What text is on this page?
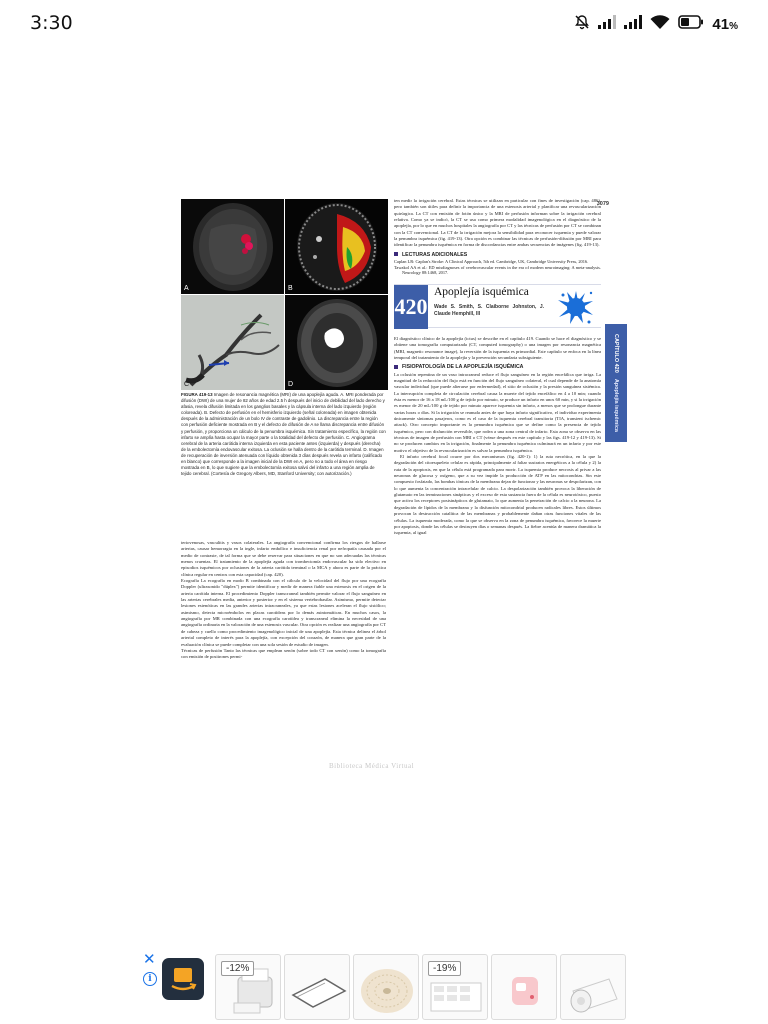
3:30	41%
A	B
C	D
FIGURA 419-13 Imagen de resonancia magnética (MRI) de una apoplejía aguda. A. MRI ponderada por difusión (DWI) de una mujer de 82 años de edad 2.5 h después del inicio de debilidad del lado derecho y afasia, revela difusión limitada en los ganglios basales y la cápsula interna del lado izquierdo (región coloreada). B. Defecto de perfusión en el hemisferio izquierdo (señal coloreada) en imagen obtenida después de la administración de un bolo IV de contraste de gadolinio. La discrepancia entre la región con perfusión deficiente mostrada en B y el defecto de difusión de A se llama discrepancia entre difusión y perfusión, y proporciona un cálculo de la penumbra isquémica. Sin tratamiento específico, la región con infarto se amplía hasta ocupar la mayor parte o la totalidad del defecto de perfusión. C. Angiograma cerebral de la arteria carótida interna izquierda en esta paciente antes (izquierda) y después (derecha) de la embolectomía endovascular exitosa. La oclusión se halla dentro de la carótida terminal. D. Imagen de recuperación de inversión atenuada con líquido obtenida 3 días después revela un infarto (calificado en blanco) que corresponde a la imagen inicial de la DWI en A, pero no a todo el área en riesgo mostrada en B, lo que sugiere que la embolectomía exitosa salvó del infarto a una región amplia de tejido cerebral. (Cortesía de Gregory Albers, MD, Stanford University; con autorización.)

teriovenosas, vasculitis y vasos colaterales. La angiografía convencional confirma los riesgos de hallarse arterias, causar hemorragia en la ingle, infarto embólico e insuficiencia renal por nefropatía causada por el medio de contraste, de tal forma que se debe reservar para situaciones en que no son adecuadas las técnicas menos cruentas. El tratamiento de la apoplejía aguda con trombectomía endovascular ha sido electivo en episodios isquémicos por oclusiones de la arteria carótida terminal o la MCA y ahora es parte de la práctica clínica regular en centros con esta capacidad (cap. 420).

Ecografía La ecografía en modo B combinada con el cálculo de la velocidad del flujo por una ecografía Doppler (ultrasonido "dúplex") permite identificar y medir de manera fiable una estenosis en el origen de la arteria carótida interna. El procedimiento Doppler transcraneal también permite valorar el flujo sanguíneo en las arterias cerebrales media, anterior y posterior y en el sistema vertebrobasilar. Asimismo, permite detectar lesiones estenóticas en las grandes arterias intracraneales, ya que estas lesiones aceleran el flujo sistólico; asimismo, detecta microémbolos en placas carotídeas por lo demás asintomáticas. En muchos casos, la angiografía por MR combinada con una ecografía carotídea y transcraneal elimina la necesidad de una angiografía ordinaria en la valoración de una estenosis vascular. Otra opción es realizar una angiografía por CT de cabeza y cuello como procedimiento imagenológico inicial de una apoplejía. Esta técnica delinea el árbol arterial completo de interés para la apoplejía, con excepción del corazón, de manera que gran parte de la evaluación clínica se puede completar con una sola sesión de estudio de imagen.

Técnicas de perfusión Tanto las técnicas que emplean xenón (sobre todo CT con xenón) como la tomografía con emisión de positrones permi-

3079

ten medir la irrigación cerebral. Estas técnicas se utilizan en particular con fines de investigación (cap. 486), pero también son útiles para definir la importancia de una estenosis arterial y planificar una revascularización quirúrgica. La CT con emisión de fotón único y la MRI de perfusión informan sobre la irrigación cerebral relativa. Como ya se indicó, la CT se usa como primera modalidad imagenológica en el diagnóstico de la apoplejía, por lo que en muchos hospitales la angiografía por CT y las técnicas de perfusión por CT se combinan con la CT convencional. La CT de la irrigación mejora la sensibilidad para reconocer isquemia y puede valorar la penumbra isquémica (fig. 419-13). Otra opción es combinar las técnicas de perfusión-difusión por MRI para identificar la penumbra isquémica en forma de discordancias entre ambas secuencias de imágenes (fig. 419-13).

LECTURAS ADICIONALES

Caplan LR: Caplan's Stroke: A Clinical Approach, 5th ed. Cambridge, UK, Cambridge University Press, 2016.

Tawakol AA et al.: ED misdiagnoses of cerebrovascular events in the era of modern neuroimaging: A meta-analysis. Neurology 88:1468, 2017.

420
Apoplejía isquémica
Wade S. Smith, S. Claiborne Johnston, J. Claude Hemphill, III

El diagnóstico clínico de la apoplejía (ictus) se describe en el capítulo 419. Cuando se hace el diagnóstico y se obtiene una tomografía computarizada (CT, computed tomography) o una imagen por resonancia magnética (MRI, magnetic resonance image), la reversión de la isquemia es primordial. Este capítulo se enfoca en la línea temporal del tratamiento de la apoplejía y la prevención secundaria subsiguiente.

FISIOPATOLOGÍA DE LA APOPLEJÍA ISQUÉMICA

La oclusión repentina de un vaso intracraneal reduce el flujo sanguíneo en la región encefálica que irriga. La magnitud de la reducción del flujo está en función del flujo sanguíneo colateral, el cual depende de la anatomía vascular individual (que puede alterarse por enfermedad), el sitio de oclusión y la presión sanguínea sistémica. La interrupción completa de circulación cerebral causa la muerte del tejido encefálico en 4 a 10 min; cuando ésta es menor de 16 a 18 mL/100 g de tejido por minuto, se produce un infarto en unos 60 min, y si la irrigación es menor de 20 mL/100 g de tejido por minuto aparece isquemia sin infarto, a menos que se prolongue durante varias horas o días. Si la irrigación se reanuda antes de que haya infarto significativo, el individuo experimenta únicamente síntomas pasajeros, como es el caso de la isquemia cerebral transitoria (TIA, transient ischemic attack). Otro concepto importante es la penumbra isquémica que se define como la presencia de tejido isquémico, pero con disfunción reversible, que rodea a una zona central de infarto. Esta zona se observa en las técnicas de imagen de perfusión con MRI o CT (véase después en este capítulo y las figs. 419-12 y 419-13). Si no se producen cambios en la irrigación, finalmente la penumbra isquémica culminará en un infarto y por este motivo el objetivo de la revascularización es salvar la penumbra isquémica.

El infarto cerebral focal ocurre por dos mecanismos (fig. 420-1): 1) la ruta necrótica, en la que la degradación del citoesqueleto celular es rápida, principalmente al faltar sustratos energéticos a la célula y 2) la ruta de la apoptosis, en que la célula está programada para morir. La isquemia produce necrosis al privar a las neuronas de glucosa y oxígeno, que a su vez impide la producción de ATP en las mitocondrias. Sin este compuesto fosfatado, las bombas iónicas de la membrana dejan de funcionar y las neuronas se despolarizan, con lo que aumenta la concentración intracelular de calcio. La despolarización también provoca la liberación de glutamato en las terminaciones sinápticas y el exceso de esta sustancia fuera de la célula es neurotóxico, puesto que activa los receptores postsinápticos de glutamato, lo que aumenta la penetración de calcio a la neurona. La degradación de lípidos de la membrana y la disfunción mitocondrial producen radicales libres. Estos últimos provocan la destrucción catalítica de las membranas y probablemente dañan otras funciones vitales de las células. La isquemia moderada, como la que se observa en la zona de penumbra isquémica, favorece la muerte por apoptosis, donde las células se destruyen días o semanas después. La fiebre acentúa de manera dramática la isquemia, al igual

CAPÍTULO 420
Apoplejía isquémica
Biblioteca Médica Virtual
✕
i
-12%	-19%
